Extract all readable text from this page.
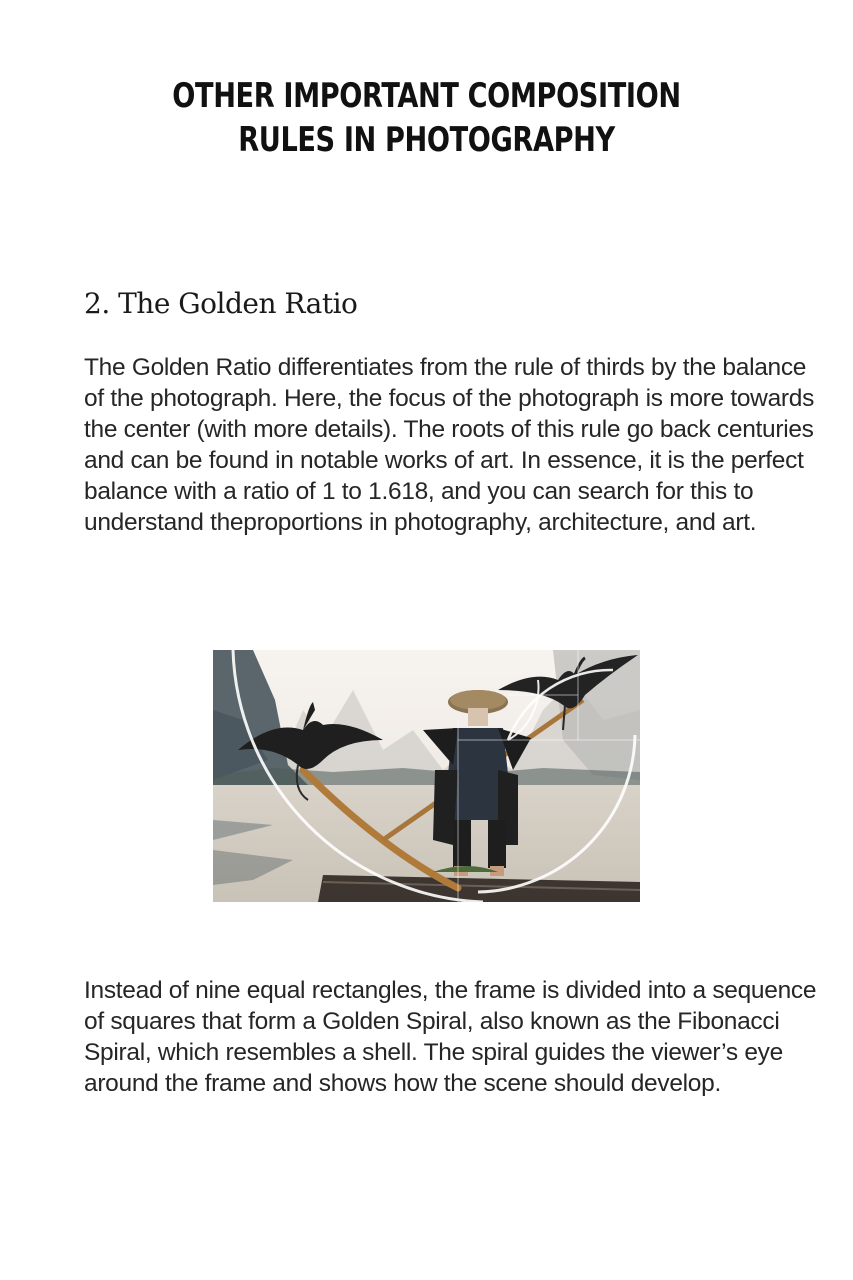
OTHER IMPORTANT COMPOSITION RULES IN PHOTOGRAPHY
2. The Golden Ratio

The Golden Ratio differentiates from the rule of thirds by the balance of the photograph. Here, the focus of the photograph is more towards the center (with more details). The roots of this rule go back centuries and can be found in notable works of art. In essence, it is the perfect balance with a ratio of 1 to 1.618, and you can search for this to understand theproportions in photography, architecture, and art.

Instead of nine equal rectangles, the frame is divided into a sequence of squares that form a Golden Spiral, also known as the Fibonacci Spiral, which resembles a shell. The spiral guides the viewer’s eye around the frame and shows how the scene should develop.
